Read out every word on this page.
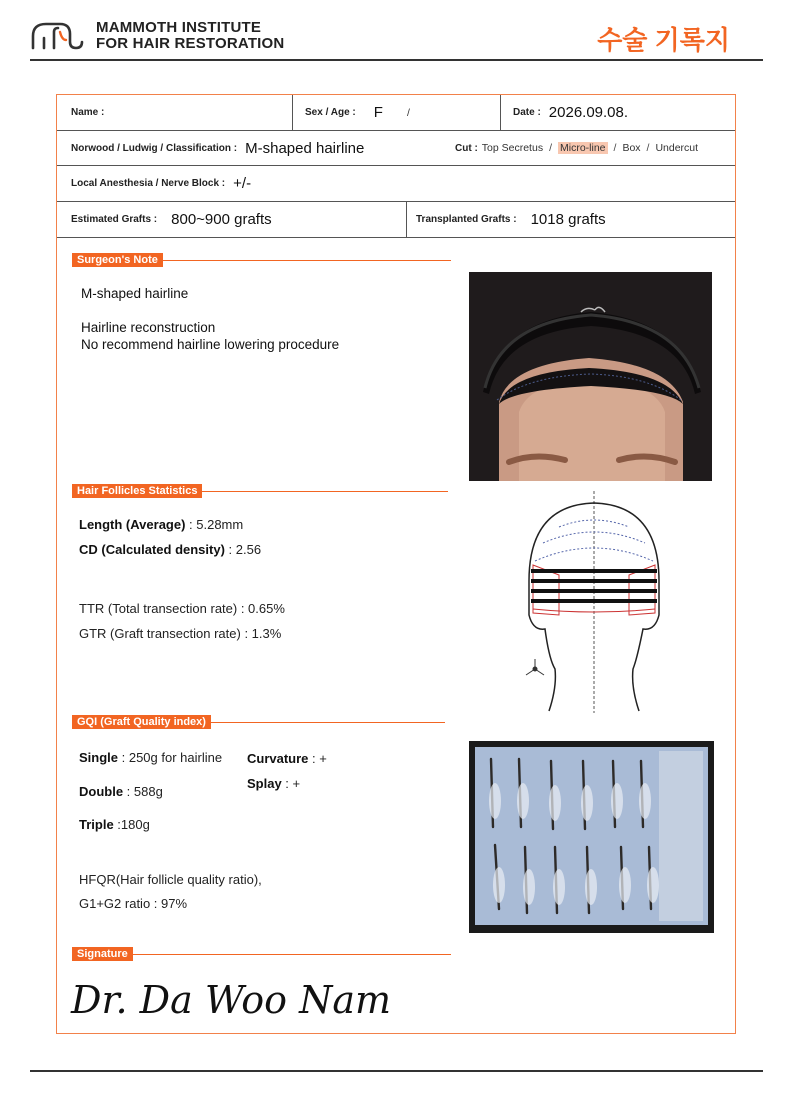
MAMMOTH INSTITUTE
FOR HAIR RESTORATION	수술 기록지
Name :	Sex / Age : F /	Date : 2026.09.08.
Norwood / Ludwig / Classification : M-shaped hairline	Cut : Top Secretus / Micro-line / Box / Undercut
Local Anesthesia / Nerve Block : +/-
Estimated Grafts : 800~900 grafts	Transplanted Grafts : 1018 grafts
Surgeon's Note
M-shaped hairline
Hairline reconstruction
No recommend hairline lowering procedure
Hair Follicles Statistics
Length (Average) : 5.28mm
CD (Calculated density) : 2.56
TTR (Total transection rate) : 0.65%
GTR (Graft transection rate) : 1.3%
GQI (Graft Quality index)
Single : 250g for hairline
Double : 588g
Triple :180g
Curvature : +
Splay : +
HFQR(Hair follicle quality ratio),
G1+G2 ratio : 97%
Signature
Dr. Da Woo Nam
